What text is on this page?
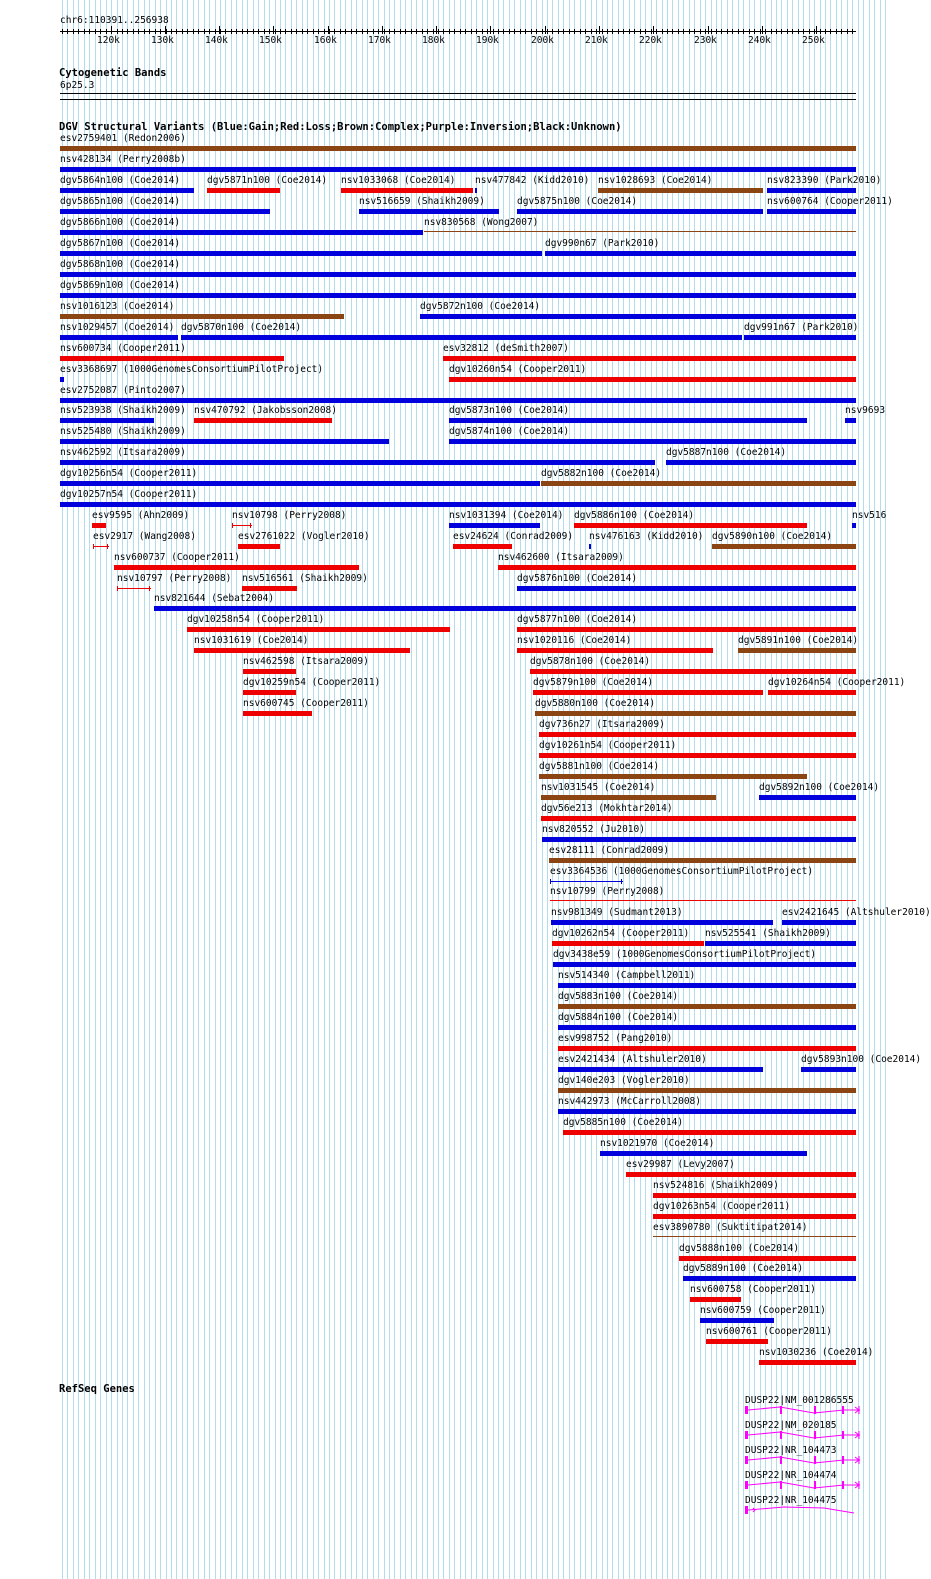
chr6:110391..256938
120k	130k	140k	150k	160k	170k	180k	190k	200k	210k	220k	230k	240k	250k
Cytogenetic Bands
6p25.3
DGV Structural Variants (Blue:Gain;Red:Loss;Brown:Complex;Purple:Inversion;Black:Unknown)
esv2759401 (Redon2006)
nsv428134 (Perry2008b)
dgv5864n100 (Coe2014)	dgv5871n100 (Coe2014) nsv1033068 (Coe2014) nsv477842 (Kidd2010) nsv1028693 (Coe2014)	nsv823390 (Park2010)
dgv5865n100 (Coe2014)	nsv516659 (Shaikh2009)	dgv5875n100 (Coe2014)	nsv600764 (Cooper2011)
dgv5866n100 (Coe2014)	nsv830568 (Wong2007)
dgv5867n100 (Coe2014)	dgv990n67 (Park2010)
dgv5868n100 (Coe2014)
dgv5869n100 (Coe2014)
nsv1016123 (Coe2014)	dgv5872n100 (Coe2014)
nsv1029457 (Coe2014) dgv5870n100 (Coe2014)	dgv991n67 (Park2010)
nsv600734 (Cooper2011)	esv32812 (deSmith2007)
esv3368697 (1000GenomesConsortiumPilotProject)	dgv10260n54 (Cooper2011)
esv2752087 (Pinto2007)
nsv523938 (Shaikh2009) nsv470792 (Jakobsson2008)	dgv5873n100 (Coe2014)	nsv9693
nsv525480 (Shaikh2009)	dgv5874n100 (Coe2014)
nsv462592 (Itsara2009)	dgv5887n100 (Coe2014)
dgv10256n54 (Cooper2011)	dgv5882n100 (Coe2014)
dgv10257n54 (Cooper2011)
esv9595 (Ahn2009)	nsv10798 (Perry2008)	nsv1031394 (Coe2014) dgv5886n100 (Coe2014)	nsv516
esv2917 (Wang2008)	esv2761022 (Vogler2010)	esv24624 (Conrad2009) nsv476163 (Kidd2010) dgv5890n100 (Coe2014)
nsv600737 (Cooper2011)	nsv462600 (Itsara2009)
nsv10797 (Perry2008) nsv516561 (Shaikh2009)	dgv5876n100 (Coe2014)
nsv821644 (Sebat2004)
dgv10258n54 (Cooper2011)	dgv5877n100 (Coe2014)
nsv1031619 (Coe2014)	nsv1020116 (Coe2014)	dgv5891n100 (Coe2014)
nsv462598 (Itsara2009)	dgv5878n100 (Coe2014)
dgv10259n54 (Cooper2011)	dgv5879n100 (Coe2014)	dgv10264n54 (Cooper2011)
nsv600745 (Cooper2011)	dgv5880n100 (Coe2014)
dgv736n27 (Itsara2009)
dgv10261n54 (Cooper2011)
dgv5881n100 (Coe2014)
nsv1031545 (Coe2014)	dgv5892n100 (Coe2014)
dgv56e213 (Mokhtar2014)
nsv820552 (Ju2010)
esv28111 (Conrad2009)
esv3364536 (1000GenomesConsortiumPilotProject)
nsv10799 (Perry2008)
nsv981349 (Sudmant2013)	esv2421645 (Altshuler2010)
dgv10262n54 (Cooper2011) nsv525541 (Shaikh2009)
dgv3438e59 (1000GenomesConsortiumPilotProject)
nsv514340 (Campbell2011)
dgv5883n100 (Coe2014)
dgv5884n100 (Coe2014)
esv998752 (Pang2010)
esv2421434 (Altshuler2010)	dgv5893n100 (Coe2014)
dgv140e203 (Vogler2010)
nsv442973 (McCarroll2008)
dgv5885n100 (Coe2014)
nsv1021970 (Coe2014)
esv29987 (Levy2007)
nsv524816 (Shaikh2009)
dgv10263n54 (Cooper2011)
esv3890780 (Suktitipat2014)
dgv5888n100 (Coe2014)
dgv5889n100 (Coe2014)
nsv600758 (Cooper2011)
nsv600759 (Cooper2011)
nsv600761 (Cooper2011)
nsv1030236 (Coe2014)
RefSeq Genes
DUSP22|NM_001286555
DUSP22|NM_020185
DUSP22|NR_104473
DUSP22|NR_104474
DUSP22|NR_104475
